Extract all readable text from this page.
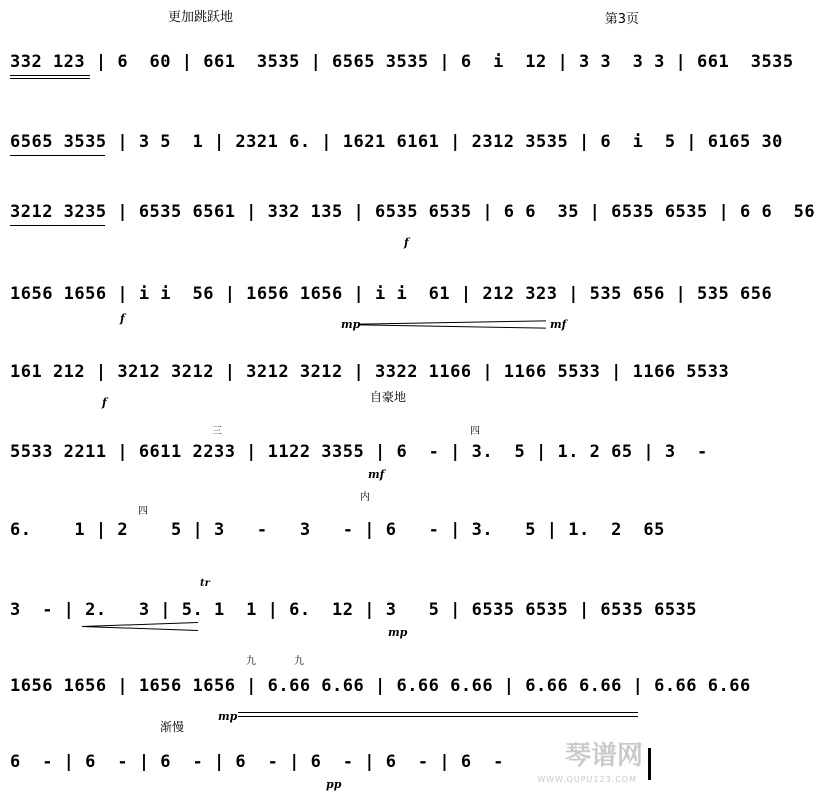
更加跳跃地	第3页
332 123 | 6  60 | 661  3535 | 6565 3535 | 6  i  12 | 3 3  3 3 | 661  3535
6565 3535 | 3 5  1 | 2321 6. | 1621 6161 | 2312 3535 | 6  i  5 | 6165 30
3212 3235 | 6535 6561 | 332 135 | 6535 6535 | 6 6  35 | 6535 6535 | 6 6  56
f
1656 1656 | i i  56 | 1656 1656 | i i  61 | 212 323 | 535 656 | 535 656
f	mp	mf
161 212 | 3212 3212 | 3212 3212 | 3322 1166 | 1166 5533 | 1166 5533
f	自豪地
5533 2211 | 6611 2233 | 1122 3355 | 6  - | 3.  5 | 1. 2 65 | 3  -
mf
三	四
6.    1 | 2    5 | 3   -   3   - | 6   - | 3.   5 | 1.  2  65
四
内
3  - | 2.   3 | 5. 1  1 | 6.  12 | 3   5 | 6535 6535 | 6535 6535
tr
mp
1656 1656 | 1656 1656 | 6.66 6.66 | 6.66 6.66 | 6.66 6.66 | 6.66 6.66
九	九
mp
6  - | 6  - | 6  - | 6  - | 6  - | 6  - | 6  -
渐慢
pp
琴谱网
WWW.QUPU123.COM
